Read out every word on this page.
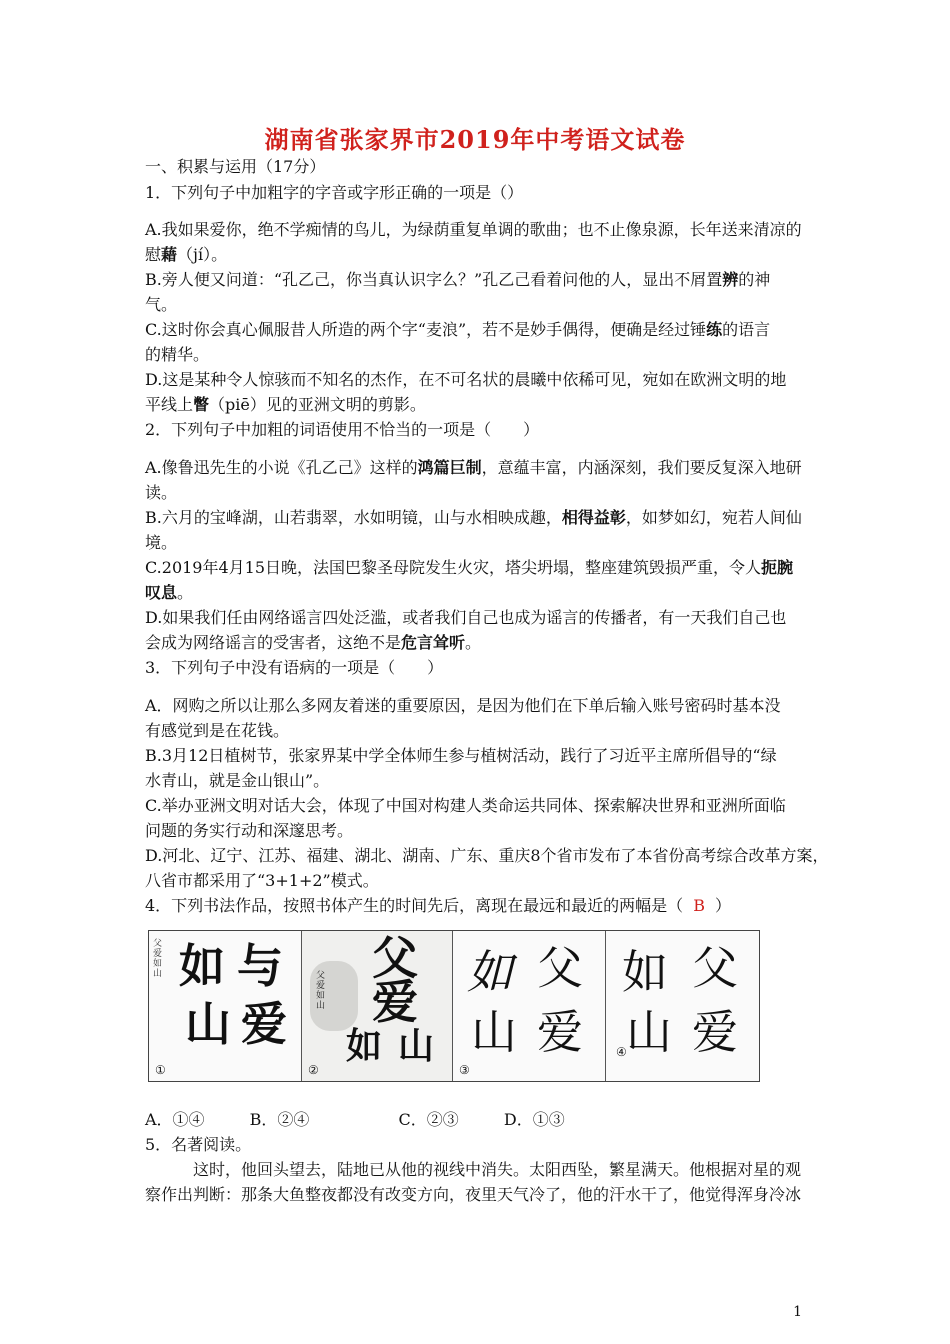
湖南省张家界市2019年中考语文试卷
一、积累与运用（17分）
1．下列句子中加粗字的字音或字形正确的一项是（）
A.我如果爱你，绝不学痴情的鸟儿，为绿荫重复单调的歌曲；也不止像泉源，长年送来清凉的
慰藉（jí）。
B.旁人便又问道：“孔乙己，你当真认识字么？”孔乙己看着问他的人，显出不屑置辨的神
气。
C.这时你会真心佩服昔人所造的两个字“麦浪”，若不是妙手偶得，便确是经过锤练的语言
的精华。
D.这是某种令人惊骇而不知名的杰作，在不可名状的晨曦中依稀可见，宛如在欧洲文明的地
平线上瞥（piē）见的亚洲文明的剪影。
2．下列句子中加粗的词语使用不恰当的一项是（　　）
A.像鲁迅先生的小说《孔乙己》这样的鸿篇巨制，意蕴丰富，内涵深刻，我们要反复深入地研
读。
B.六月的宝峰湖，山若翡翠，水如明镜，山与水相映成趣，相得益彰，如梦如幻，宛若人间仙
境。
C.2019年4月15日晚，法国巴黎圣母院发生火灾，塔尖坍塌，整座建筑毁损严重，令人扼腕
叹息。
D.如果我们任由网络谣言四处泛滥，或者我们自己也成为谣言的传播者，有一天我们自己也
会成为网络谣言的受害者，这绝不是危言耸听。
3．下列句子中没有语病的一项是（　　）
A．网购之所以让那么多网友着迷的重要原因，是因为他们在下单后输入账号密码时基本没
有感觉到是在花钱。
B.3月12日植树节，张家界某中学全体师生参与植树活动，践行了习近平主席所倡导的“绿
水青山，就是金山银山”。
C.举办亚洲文明对话大会，体现了中国对构建人类命运共同体、探索解决世界和亚洲所面临
问题的务实行动和深邃思考。
D.河北、辽宁、江苏、福建、湖北、湖南、广东、重庆8个省市发布了本省份高考综合改革方案，
八省市都采用了“3+1+2”模式。
4．下列书法作品，按照书体产生的时间先后，离现在最远和最近的两幅是（ B ）
父爱如山 如 与
山 爱
①
父爱如山
父
爱
如 山
②
如 父
山 爱
③
如 父
山 爱
④
A．①④	B．②④	C．②③	D．①③
5．名著阅读。
这时，他回头望去，陆地已从他的视线中消失。太阳西坠，繁星满天。他根据对星的观
察作出判断：那条大鱼整夜都没有改变方向，夜里天气冷了，他的汗水干了，他觉得浑身冷冰
1
